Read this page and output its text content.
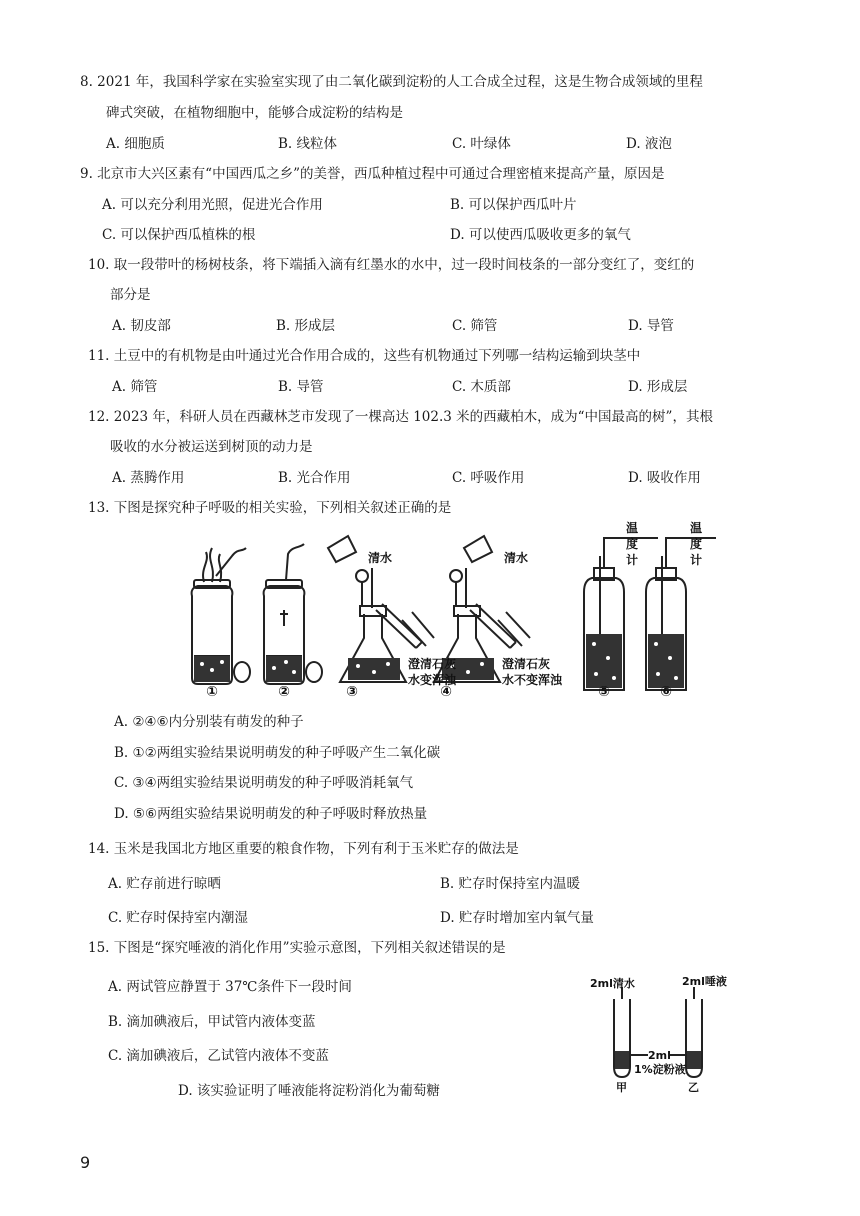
8. 2021 年，我国科学家在实验室实现了由二氧化碳到淀粉的人工合成全过程，这是生物合成领域的里程
碑式突破，在植物细胞中，能够合成淀粉的结构是
A. 细胞质	B. 线粒体	C. 叶绿体	D. 液泡
9. 北京市大兴区素有“中国西瓜之乡”的美誉，西瓜种植过程中可通过合理密植来提高产量，原因是
A. 可以充分利用光照，促进光合作用	B. 可以保护西瓜叶片
C. 可以保护西瓜植株的根	D. 可以使西瓜吸收更多的氧气
10. 取一段带叶的杨树枝条，将下端插入滴有红墨水的水中，过一段时间枝条的一部分变红了，变红的
部分是
A. 韧皮部	B. 形成层	C. 筛管	D. 导管
11. 土豆中的有机物是由叶通过光合作用合成的，这些有机物通过下列哪一结构运输到块茎中
A. 筛管	B. 导管	C. 木质部	D. 形成层
12. 2023 年，科研人员在西藏林芝市发现了一棵高达 102.3 米的西藏柏木，成为“中国最高的树”，其根
吸收的水分被运送到树顶的动力是
A. 蒸腾作用	B. 光合作用	C. 呼吸作用	D. 吸收作用
13. 下图是探究种子呼吸的相关实验，下列相关叙述正确的是
①	②	③	④	⑤	⑥
清水	清水
澄清石灰
水变浑浊
澄清石灰
水不变浑浊
温
度
计
温
度
计
A. ②④⑥内分别装有萌发的种子
B. ①②两组实验结果说明萌发的种子呼吸产生二氧化碳
C. ③④两组实验结果说明萌发的种子呼吸消耗氧气
D. ⑤⑥两组实验结果说明萌发的种子呼吸时释放热量
14. 玉米是我国北方地区重要的粮食作物，下列有利于玉米贮存的做法是
A. 贮存前进行晾晒	B. 贮存时保持室内温暖
C. 贮存时保持室内潮湿	D. 贮存时增加室内氧气量
15. 下图是“探究唾液的消化作用”实验示意图，下列相关叙述错误的是
A. 两试管应静置于 37℃条件下一段时间
B. 滴加碘液后，甲试管内液体变蓝
C. 滴加碘液后，乙试管内液体不变蓝
D. 该实验证明了唾液能将淀粉消化为葡萄糖
2ml清水	2ml唾液
2ml
1%淀粉液
甲	乙
9
